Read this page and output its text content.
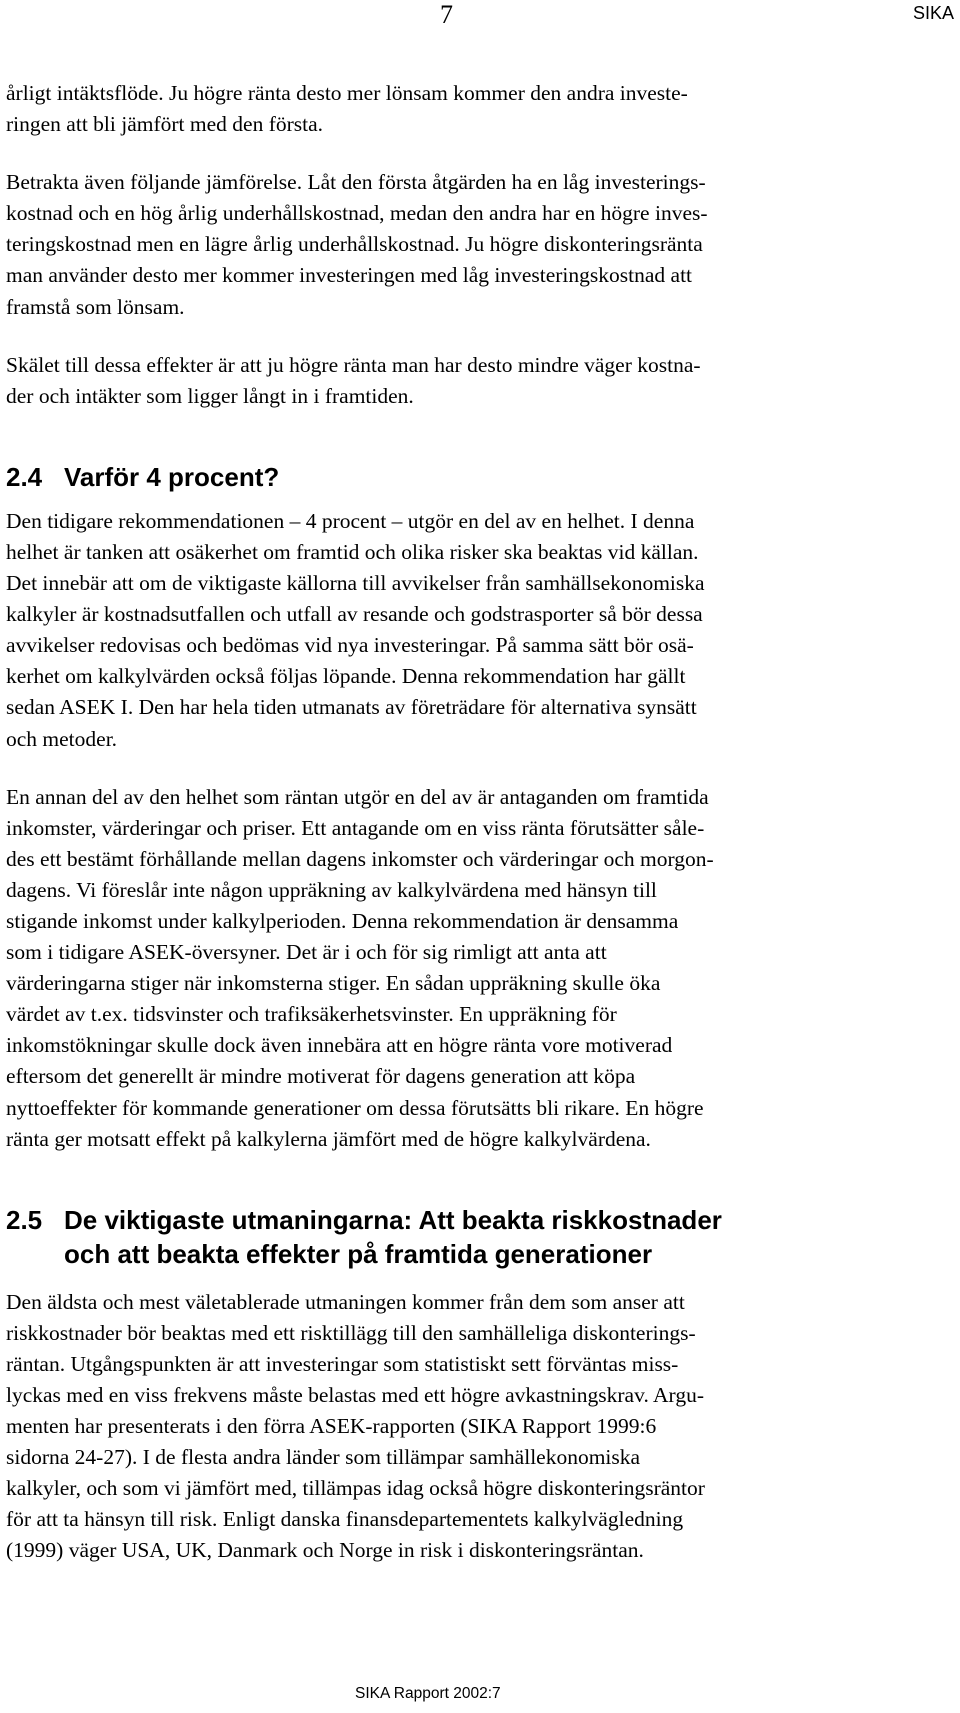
7	SIKA

årligt intäktsflöde. Ju högre ränta desto mer lönsam kommer den andra investe-
ringen att bli jämfört med den första.

Betrakta även följande jämförelse. Låt den första åtgärden ha en låg investerings-
kostnad och en hög årlig underhållskostnad, medan den andra har en högre inves-
teringskostnad men en lägre årlig underhållskostnad. Ju högre diskonteringsränta
man använder desto mer kommer investeringen med låg investeringskostnad att
framstå som lönsam.

Skälet till dessa effekter är att ju högre ränta man har desto mindre väger kostna-
der och intäkter som ligger långt in i framtiden.

2.4 Varför 4 procent?

Den tidigare rekommendationen – 4 procent – utgör en del av en helhet. I denna
helhet är tanken att osäkerhet om framtid och olika risker ska beaktas vid källan.
Det innebär att om de viktigaste källorna till avvikelser från samhällsekonomiska
kalkyler är kostnadsutfallen och utfall av resande och godstrasporter så bör dessa
avvikelser redovisas och bedömas vid nya investeringar. På samma sätt bör osä-
kerhet om kalkylvärden också följas löpande. Denna rekommendation har gällt
sedan ASEK I. Den har hela tiden utmanats av företrädare för alternativa synsätt
och metoder.

En annan del av den helhet som räntan utgör en del av är antaganden om framtida
inkomster, värderingar och priser. Ett antagande om en viss ränta förutsätter såle-
des ett bestämt förhållande mellan dagens inkomster och värderingar och morgon-
dagens. Vi föreslår inte någon uppräkning av kalkylvärdena med hänsyn till
stigande inkomst under kalkylperioden. Denna rekommendation är densamma
som i tidigare ASEK-översyner. Det är i och för sig rimligt att anta att
värderingarna stiger när inkomsterna stiger. En sådan uppräkning skulle öka
värdet av t.ex. tidsvinster och trafiksäkerhetsvinster. En uppräkning för
inkomstökningar skulle dock även innebära att en högre ränta vore motiverad
eftersom det generellt är mindre motiverat för dagens generation att köpa
nyttoeffekter för kommande generationer om dessa förutsätts bli rikare. En högre
ränta ger motsatt effekt på kalkylerna jämfört med de högre kalkylvärdena.

2.5 De viktigaste utmaningarna: Att beakta riskkostnader
och att beakta effekter på framtida generationer

Den äldsta och mest väletablerade utmaningen kommer från dem som anser att
riskkostnader bör beaktas med ett risktillägg till den samhälleliga diskonterings-
räntan. Utgångspunkten är att investeringar som statistiskt sett förväntas miss-
lyckas med en viss frekvens måste belastas med ett högre avkastningskrav. Argu-
menten har presenterats i den förra ASEK-rapporten (SIKA Rapport 1999:6
sidorna 24-27). I de flesta andra länder som tillämpar samhällekonomiska
kalkyler, och som vi jämfört med, tillämpas idag också högre diskonteringsräntor
för att ta hänsyn till risk. Enligt danska finansdepartementets kalkylvägledning
(1999) väger USA, UK, Danmark och Norge in risk i diskonteringsräntan.

SIKA Rapport 2002:7
